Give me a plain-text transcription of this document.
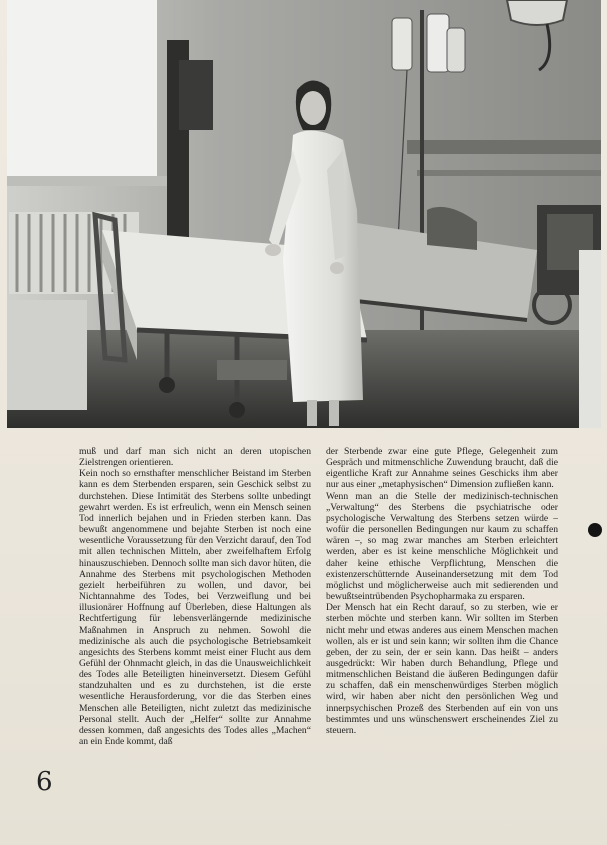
muß und darf man sich nicht an deren utopischen Zielstrengen orientieren.

Kein noch so ernsthafter menschlicher Beistand im Sterben kann es dem Sterbenden ersparen, sein Geschick selbst zu durchstehen. Diese Intimität des Sterbens sollte unbedingt gewahrt werden. Es ist erfreulich, wenn ein Mensch seinen Tod innerlich bejahen und in Frieden sterben kann. Das bewußt angenommene und bejahte Sterben ist noch eine wesentliche Voraussetzung für den Verzicht darauf, den Tod mit allen technischen Mitteln, aber zweifelhaftem Erfolg hinauszuschieben. Dennoch sollte man sich davor hüten, die Annahme des Sterbens mit psychologischen Methoden gezielt herbeiführen zu wollen, und davor, bei Nichtannahme des Todes, bei Verzweiflung und bei illusionärer Hoffnung auf Überleben, diese Haltungen als Rechtfertigung für lebensverlängernde medizinische Maßnahmen in Anspruch zu nehmen. Sowohl die medizinische als auch die psychologische Betriebsamkeit angesichts des Sterbens kommt meist einer Flucht aus dem Gefühl der Ohnmacht gleich, in das die Unausweichlichkeit des Todes alle Beteiligten hineinversetzt. Diesem Gefühl standzuhalten und es zu durchstehen, ist die erste wesentliche Herausforderung, vor die das Sterben eines Menschen alle Beteiligten, nicht zuletzt das medizinische Personal stellt. Auch der „Helfer“ sollte zur Annahme dessen kommen, daß angesichts des Todes alles „Machen“ an ein Ende kommt, daß

der Sterbende zwar eine gute Pflege, Gelegenheit zum Gespräch und mitmenschliche Zuwendung braucht, daß die eigentliche Kraft zur Annahme seines Geschicks ihm aber nur aus einer „metaphysischen“ Dimension zufließen kann.

Wenn man an die Stelle der medizinisch-technischen „Verwaltung“ des Sterbens die psychiatrische oder psychologische Verwaltung des Sterbens setzen würde – wofür die personellen Bedingungen nur kaum zu schaffen wären –, so mag zwar manches am Sterben erleichtert werden, aber es ist keine menschliche Möglichkeit und daher keine ethische Verpflichtung, Menschen die existenzerschütternde Auseinandersetzung mit dem Tod möglichst und möglicherweise auch mit sedierenden und bewußtseintrübenden Psychopharmaka zu ersparen.

Der Mensch hat ein Recht darauf, so zu sterben, wie er sterben möchte und sterben kann. Wir sollten im Sterben nicht mehr und etwas anderes aus einem Menschen machen wollen, als er ist und sein kann; wir sollten ihm die Chance geben, der zu sein, der er sein kann. Das heißt – anders ausgedrückt: Wir haben durch Behandlung, Pflege und mitmenschlichen Beistand die äußeren Bedingungen dafür zu schaffen, daß ein menschenwürdiges Sterben möglich wird, wir haben aber nicht den persönlichen Weg und innerpsychischen Prozeß des Sterbenden auf ein von uns bestimmtes und uns wünschenswert erscheinendes Ziel zu steuern.

6
